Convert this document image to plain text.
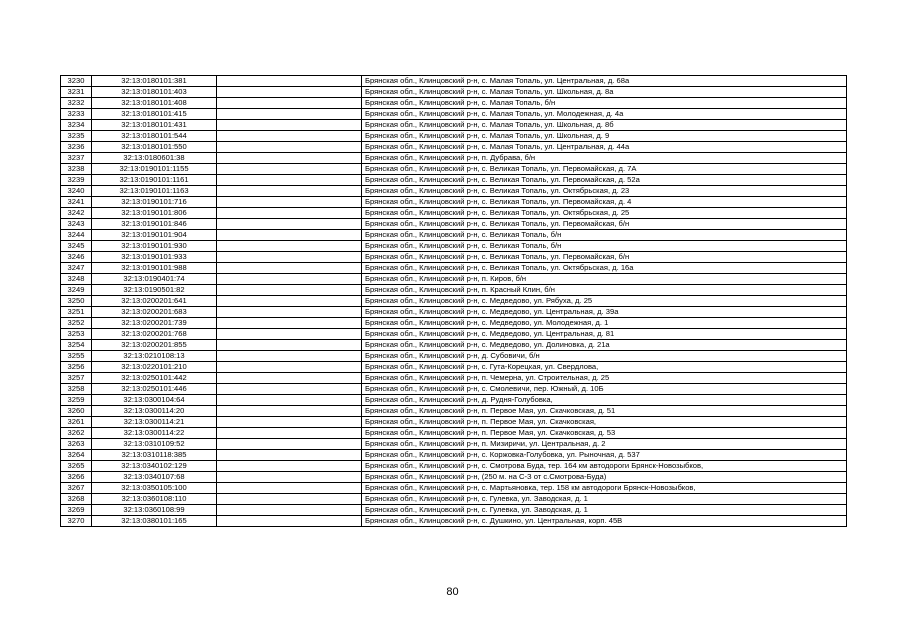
3230	32:13:0180101:381		Брянская обл., Клинцовский р-н, с. Малая Топаль, ул. Центральная, д. 68а
3231	32:13:0180101:403		Брянская обл., Клинцовский р-н, с. Малая Топаль, ул. Школьная, д. 8а
3232	32:13:0180101:408		Брянская обл., Клинцовский р-н, с. Малая Топаль, б/н
3233	32:13:0180101:415		Брянская обл., Клинцовский р-н, с. Малая Топаль, ул. Молодежная, д. 4а
3234	32:13:0180101:431		Брянская обл., Клинцовский р-н, с. Малая Топаль, ул. Школьная, д. 8б
3235	32:13:0180101:544		Брянская обл., Клинцовский р-н, с. Малая Топаль, ул. Школьная, д. 9
3236	32:13:0180101:550		Брянская обл., Клинцовский р-н, с. Малая Топаль, ул. Центральная, д. 44а
3237	32:13:0180601:38		Брянская обл., Клинцовский р-н, п. Дубрава, б/н
3238	32:13:0190101:1155		Брянская обл., Клинцовский р-н, с. Великая Топаль, ул. Первомайская, д. 7А
3239	32:13:0190101:1161		Брянская обл., Клинцовский р-н, с. Великая Топаль, ул. Первомайская, д. 52а
3240	32:13:0190101:1163		Брянская обл., Клинцовский р-н, с. Великая Топаль, ул. Октябрьская, д. 23
3241	32:13:0190101:716		Брянская обл., Клинцовский р-н, с. Великая Топаль, ул. Первомайская, д. 4
3242	32:13:0190101:806		Брянская обл., Клинцовский р-н, с. Великая Топаль, ул. Октябрьская, д. 25
3243	32:13:0190101:846		Брянская обл., Клинцовский р-н, с. Великая Топаль, ул. Первомайская, б/н
3244	32:13:0190101:904		Брянская обл., Клинцовский р-н, с. Великая Топаль, б/н
3245	32:13:0190101:930		Брянская обл., Клинцовский р-н, с. Великая Топаль, б/н
3246	32:13:0190101:933		Брянская обл., Клинцовский р-н, с. Великая Топаль, ул. Первомайская, б/н
3247	32:13:0190101:988		Брянская обл., Клинцовский р-н, с. Великая Топаль, ул. Октябрьская, д. 16а
3248	32:13:0190401:74		Брянская обл., Клинцовский р-н, п. Киров, б/н
3249	32:13:0190501:82		Брянская обл., Клинцовский р-н, п. Красный Клин, б/н
3250	32:13:0200201:641		Брянская обл., Клинцовский р-н, с. Медведово, ул. Рябуха, д. 25
3251	32:13:0200201:683		Брянская обл., Клинцовский р-н, с. Медведово, ул. Центральная, д. 39а
3252	32:13:0200201:739		Брянская обл., Клинцовский р-н, с. Медведово, ул. Молодежная, д. 1
3253	32:13:0200201:768		Брянская обл., Клинцовский р-н, с. Медведово, ул. Центральная, д. 81
3254	32:13:0200201:855		Брянская обл., Клинцовский р-н, с. Медведово, ул. Долиновка, д. 21а
3255	32:13:0210108:13		Брянская обл., Клинцовский р-н, д. Субовичи, б/н
3256	32:13:0220101:210		Брянская обл., Клинцовский р-н, с. Гута-Корецкая, ул. Свердлова,
3257	32:13:0250101:442		Брянская обл., Клинцовский р-н, п. Чемерна, ул. Строительная, д. 25
3258	32:13:0250101:446		Брянская обл., Клинцовский р-н, с. Смолевичи, пер. Южный, д. 10Б
3259	32:13:0300104:64		Брянская обл., Клинцовский р-н, д. Рудня-Голубовка,
3260	32:13:0300114:20		Брянская обл., Клинцовский р-н, п. Первое Мая, ул. Скачковская, д. 51
3261	32:13:0300114:21		Брянская обл., Клинцовский р-н, п. Первое Мая, ул. Скачковская,
3262	32:13:0300114:22		Брянская обл., Клинцовский р-н, п. Первое Мая, ул. Скачковская, д. 53
3263	32:13:0310109:52		Брянская обл., Клинцовский р-н, п. Мизиричи, ул. Центральная, д. 2
3264	32:13:0310118:385		Брянская обл., Клинцовский р-н, с. Коржовка-Голубовка, ул. Рыночная, д. 537
3265	32:13:0340102:129		Брянская обл., Клинцовский р-н, с. Смотрова Буда, тер. 164 км автодороги Брянск-Новозыбков,
3266	32:13:0340107:68		Брянская обл., Клинцовский р-н, (250 м. на С-З от с.Смотрова-Буда)
3267	32:13:0350105:100		Брянская обл., Клинцовский р-н, с. Мартьяновка, тер. 158 км автодороги Брянск-Новозыбков,
3268	32:13:0360108:110		Брянская обл., Клинцовский р-н, с. Гулевка, ул. Заводская, д. 1
3269	32:13:0360108:99		Брянская обл., Клинцовский р-н, с. Гулевка, ул. Заводская, д. 1
3270	32:13:0380101:165		Брянская обл., Клинцовский р-н, с. Душкино, ул. Центральная, корп. 45В
80
